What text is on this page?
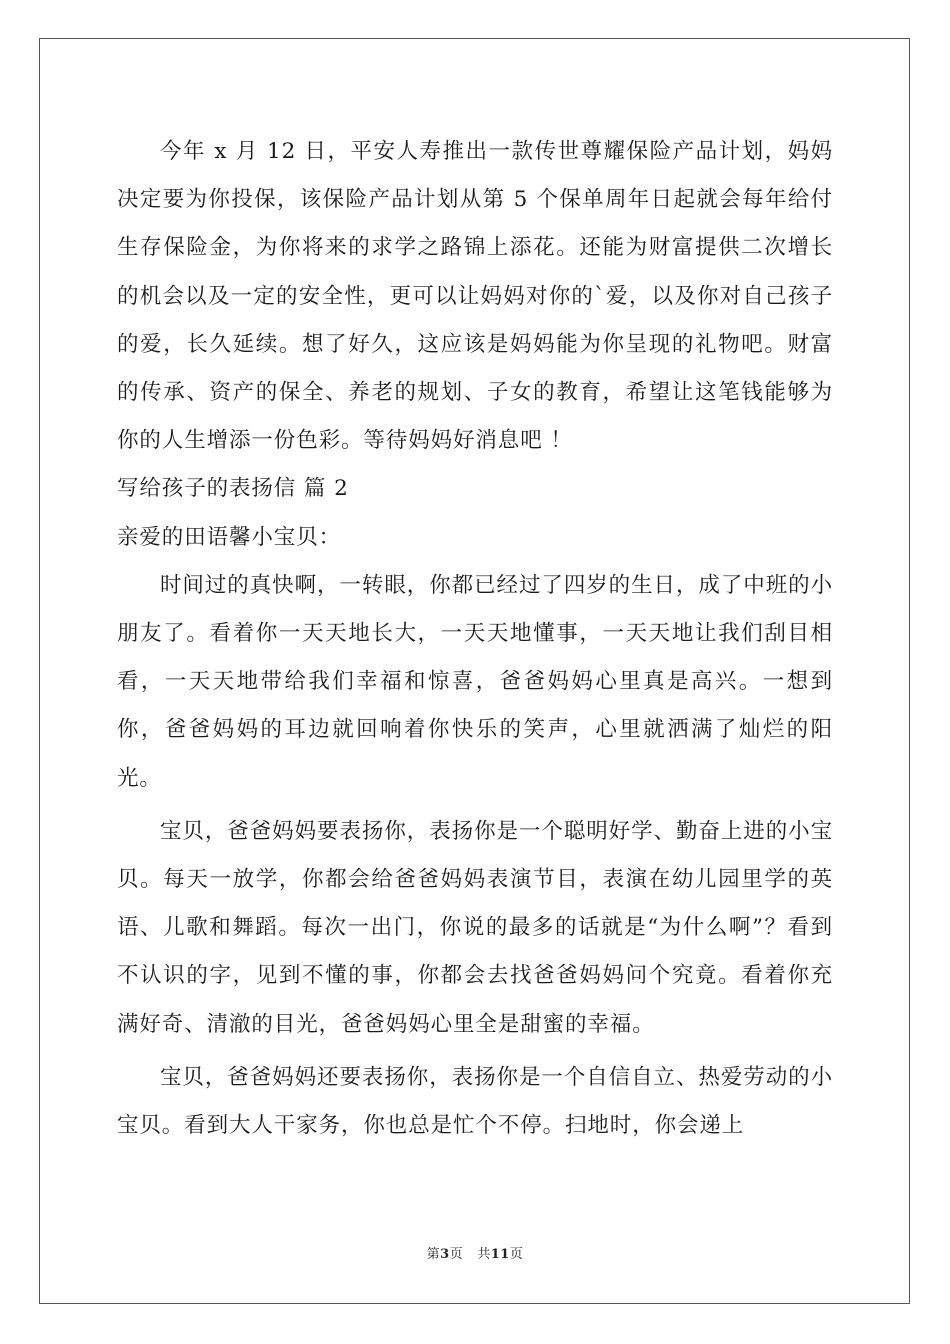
今年 x 月 12 日，平安人寿推出一款传世尊耀保险产品计划，妈妈决定要为你投保，该保险产品计划从第 5 个保单周年日起就会每年给付生存保险金，为你将来的求学之路锦上添花。还能为财富提供二次增长的机会以及一定的安全性，更可以让妈妈对你的`爱，以及你对自己孩子的爱，长久延续。想了好久，这应该是妈妈能为你呈现的礼物吧。财富的传承、资产的保全、养老的规划、子女的教育，希望让这笔钱能够为你的人生增添一份色彩。等待妈妈好消息吧 ！

写给孩子的表扬信 篇 2

亲爱的田语馨小宝贝：

时间过的真快啊，一转眼，你都已经过了四岁的生日，成了中班的小朋友了。看着你一天天地长大，一天天地懂事，一天天地让我们刮目相看，一天天地带给我们幸福和惊喜，爸爸妈妈心里真是高兴。一想到你，爸爸妈妈的耳边就回响着你快乐的笑声，心里就洒满了灿烂的阳光。

宝贝，爸爸妈妈要表扬你，表扬你是一个聪明好学、勤奋上进的小宝贝。每天一放学，你都会给爸爸妈妈表演节目，表演在幼儿园里学的英语、儿歌和舞蹈。每次一出门，你说的最多的话就是“为什么啊”？看到不认识的字，见到不懂的事，你都会去找爸爸妈妈问个究竟。看着你充满好奇、清澈的目光，爸爸妈妈心里全是甜蜜的幸福。

宝贝，爸爸妈妈还要表扬你，表扬你是一个自信自立、热爱劳动的小宝贝。看到大人干家务，你也总是忙个不停。扫地时，你会递上

第3页 共11页
